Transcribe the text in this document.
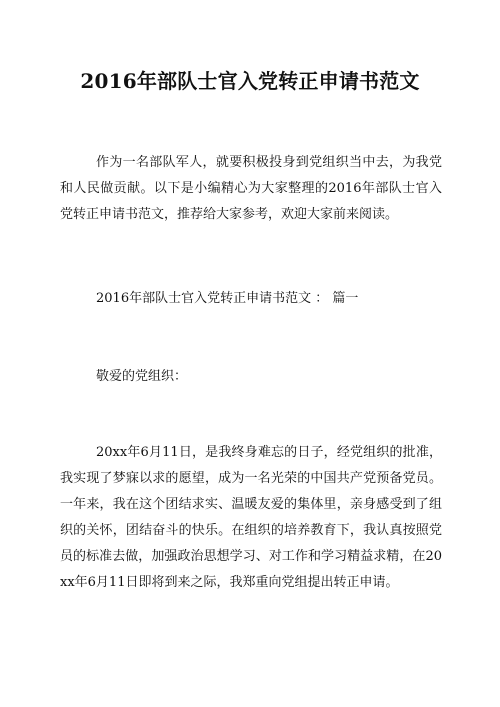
2016年部队士官入党转正申请书范文
作为一名部队军人，就要积极投身到党组织当中去，为我党和人民做贡献。以下是小编精心为大家整理的2016年部队士官入党转正申请书范文，推荐给大家参考，欢迎大家前来阅读。
2016年部队士官入党转正申请书范文 ： 篇一
敬爱的党组织：
20xx年6月11日，是我终身难忘的日子，经党组织的批准，我实现了梦寐以求的愿望，成为一名光荣的中国共产党预备党员。一年来，我在这个团结求实、温暖友爱的集体里，亲身感受到了组织的关怀，团结奋斗的快乐。在组织的培养教育下，我认真按照党员的标准去做，加强政治思想学习、对工作和学习精益求精，在20xx年6月11日即将到来之际，我郑重向党组提出转正申请。
